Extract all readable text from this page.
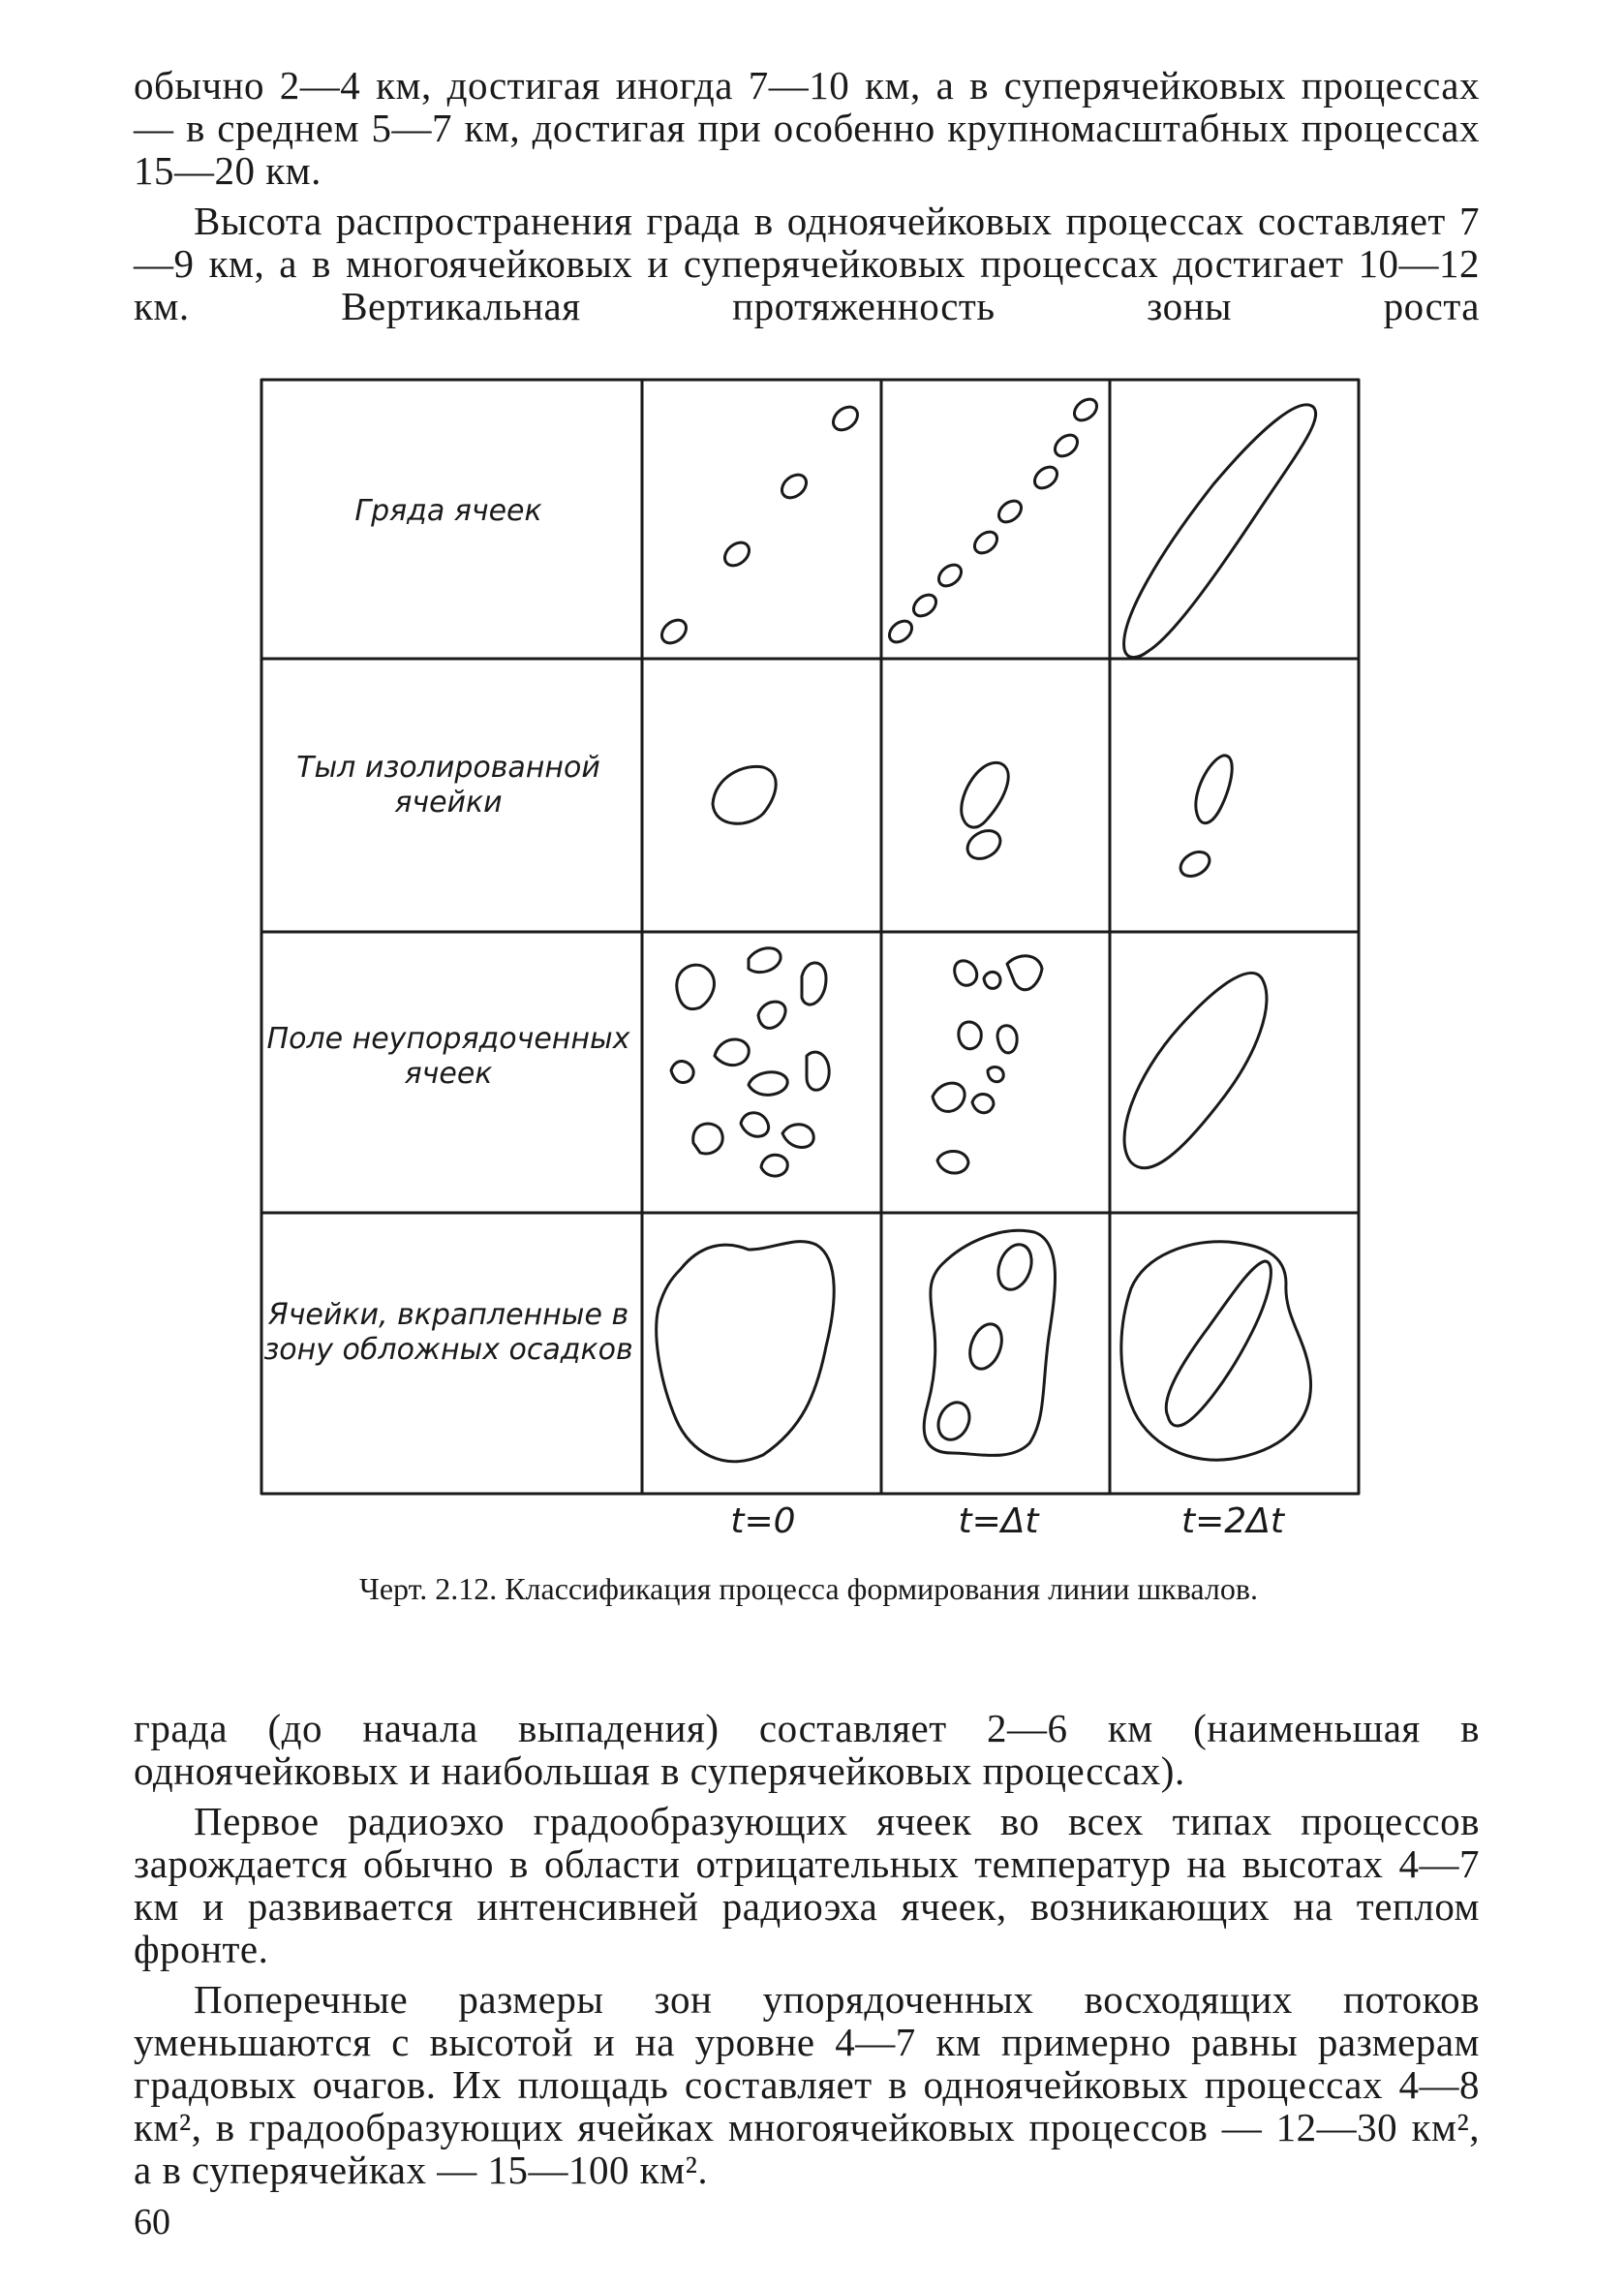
обычно 2—4 км, достигая иногда 7—10 км, а в суперячейковых процессах — в среднем 5—7 км, достигая при особенно крупномасштабных процессах 15—20 км.

Высота распространения града в одноячейковых процессах составляет 7—9 км, а в многоячейковых и суперячейковых процессах достигает 10—12 км. Вертикальная протяженность зоны роста

Гряда ячеек
Тыл изолированной ячейки
Поле неупорядоченных ячеек
Ячейки, вкрапленные в зону обложных осадков
t=0	t=Δt	t=2Δt

Черт. 2.12. Классификация процесса формирования линии шквалов.

града (до начала выпадения) составляет 2—6 км (наименьшая в одноячейковых и наибольшая в суперячейковых процессах).

Первое радиоэхо градообразующих ячеек во всех типах процессов зарождается обычно в области отрицательных температур на высотах 4—7 км и развивается интенсивней радиоэха ячеек, возникающих на теплом фронте.

Поперечные размеры зон упорядоченных восходящих потоков уменьшаются с высотой и на уровне 4—7 км примерно равны размерам градовых очагов. Их площадь составляет в одноячейковых процессах 4—8 км², в градообразующих ячейках многоячейковых процессов — 12—30 км², а в суперячейках — 15—100 км².

60
